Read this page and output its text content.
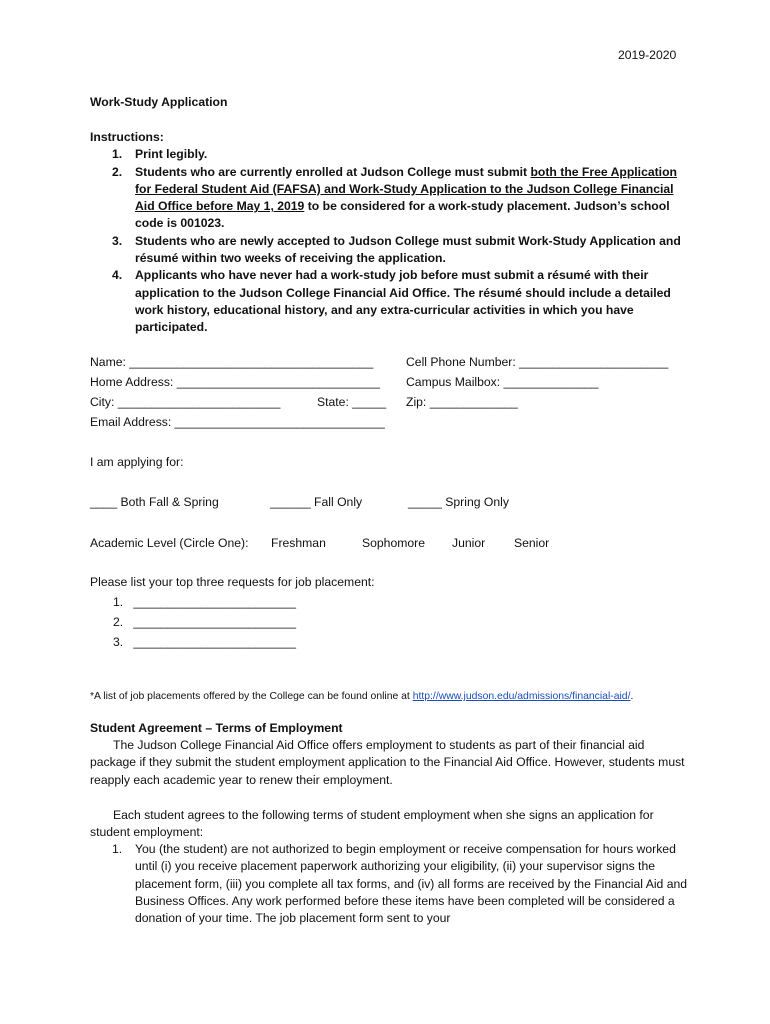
2019-2020
Work-Study Application
Instructions:
1. Print legibly.
2. Students who are currently enrolled at Judson College must submit both the Free Application for Federal Student Aid (FAFSA) and Work-Study Application to the Judson College Financial Aid Office before May 1, 2019 to be considered for a work-study placement. Judson’s school code is 001023.
3. Students who are newly accepted to Judson College must submit Work-Study Application and résumé within two weeks of receiving the application.
4. Applicants who have never had a work-study job before must submit a résumé with their application to the Judson College Financial Aid Office. The résumé should include a detailed work history, educational history, and any extra-curricular activities in which you have participated.
Name: ____________________________________	Cell Phone Number: ______________________
Home Address: ______________________________ Campus Mailbox: ______________
City: ________________________	State: _____ Zip: _____________
Email Address: _______________________________
I am applying for:
____ Both Fall & Spring	______ Fall Only	_____ Spring Only
Academic Level (Circle One): Freshman	Sophomore Junior Senior
Please list your top three requests for job placement:
1. ________________________
2. ________________________
3. ________________________
*A list of job placements offered by the College can be found online at http://www.judson.edu/admissions/financial-aid/.
Student Agreement – Terms of Employment
The Judson College Financial Aid Office offers employment to students as part of their financial aid package if they submit the student employment application to the Financial Aid Office. However, students must reapply each academic year to renew their employment.
Each student agrees to the following terms of student employment when she signs an application for student employment:
1. You (the student) are not authorized to begin employment or receive compensation for hours worked until (i) you receive placement paperwork authorizing your eligibility, (ii) your supervisor signs the placement form, (iii) you complete all tax forms, and (iv) all forms are received by the Financial Aid and Business Offices. Any work performed before these items have been completed will be considered a donation of your time. The job placement form sent to your
